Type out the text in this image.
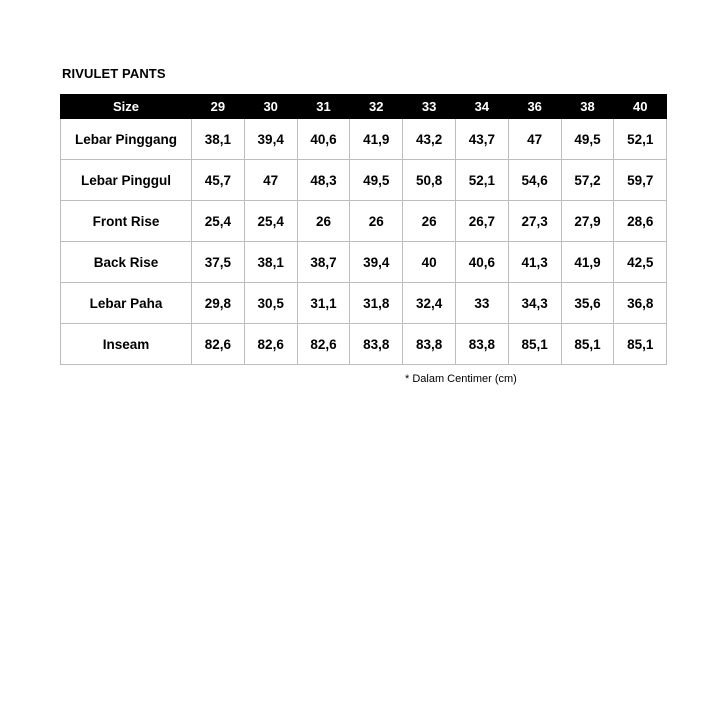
RIVULET PANTS
Size	29	30	31	32	33	34	36	38	40
Lebar Pinggang	38,1	39,4	40,6	41,9	43,2	43,7	47	49,5	52,1
Lebar Pinggul	45,7	47	48,3	49,5	50,8	52,1	54,6	57,2	59,7
Front Rise	25,4	25,4	26	26	26	26,7	27,3	27,9	28,6
Back Rise	37,5	38,1	38,7	39,4	40	40,6	41,3	41,9	42,5
Lebar Paha	29,8	30,5	31,1	31,8	32,4	33	34,3	35,6	36,8
Inseam	82,6	82,6	82,6	83,8	83,8	83,8	85,1	85,1	85,1
* Dalam Centimer (cm)
